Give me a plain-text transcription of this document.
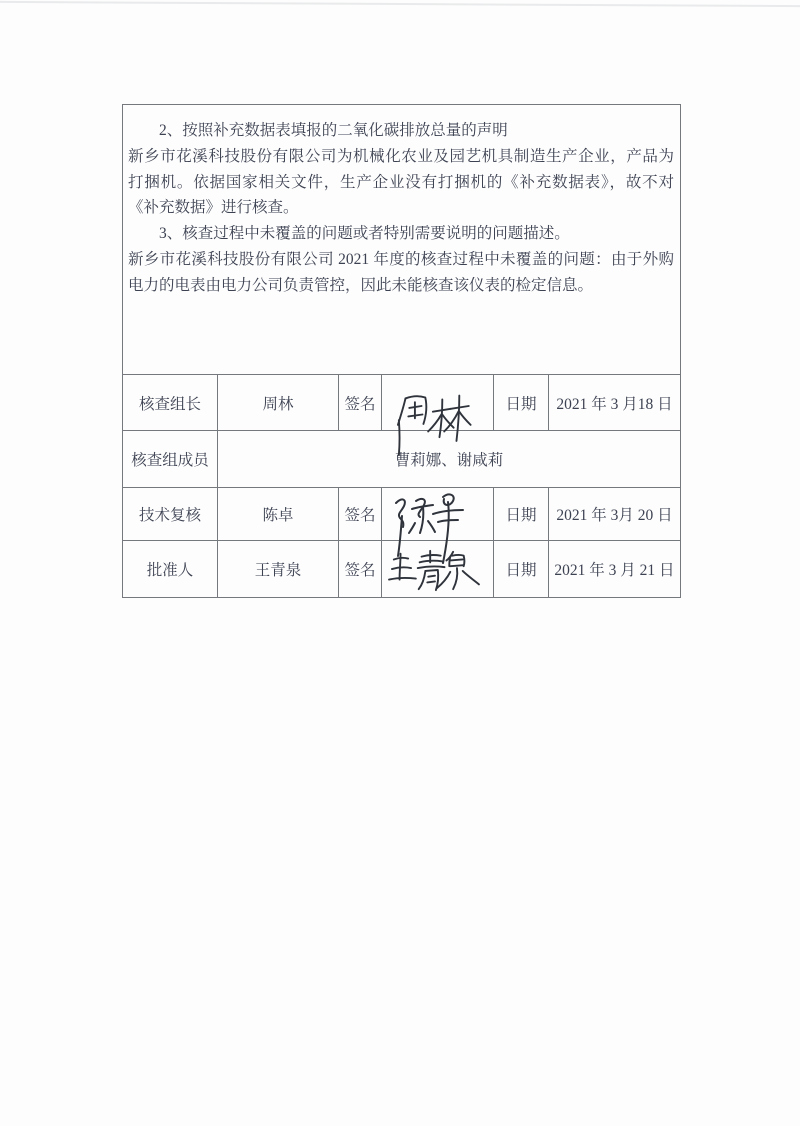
2、按照补充数据表填报的二氧化碳排放总量的声明
新乡市花溪科技股份有限公司为机械化农业及园艺机具制造生产企业，产品为
打捆机。依据国家相关文件，生产企业没有打捆机的《补充数据表》，故不对
《补充数据》进行核查。
3、核查过程中未覆盖的问题或者特别需要说明的问题描述。
新乡市花溪科技股份有限公司 2021 年度的核查过程中未覆盖的问题：由于外购
电力的电表由电力公司负责管控，因此未能核查该仪表的检定信息。
核查组长	周林	签名		日期	2021 年 3 月18 日
核查组成员	曹莉娜、谢咸莉				
技术复核	陈卓	签名		日期	2021 年 3月 20 日
批准人	王青泉	签名		日期	2021 年 3 月 21 日
